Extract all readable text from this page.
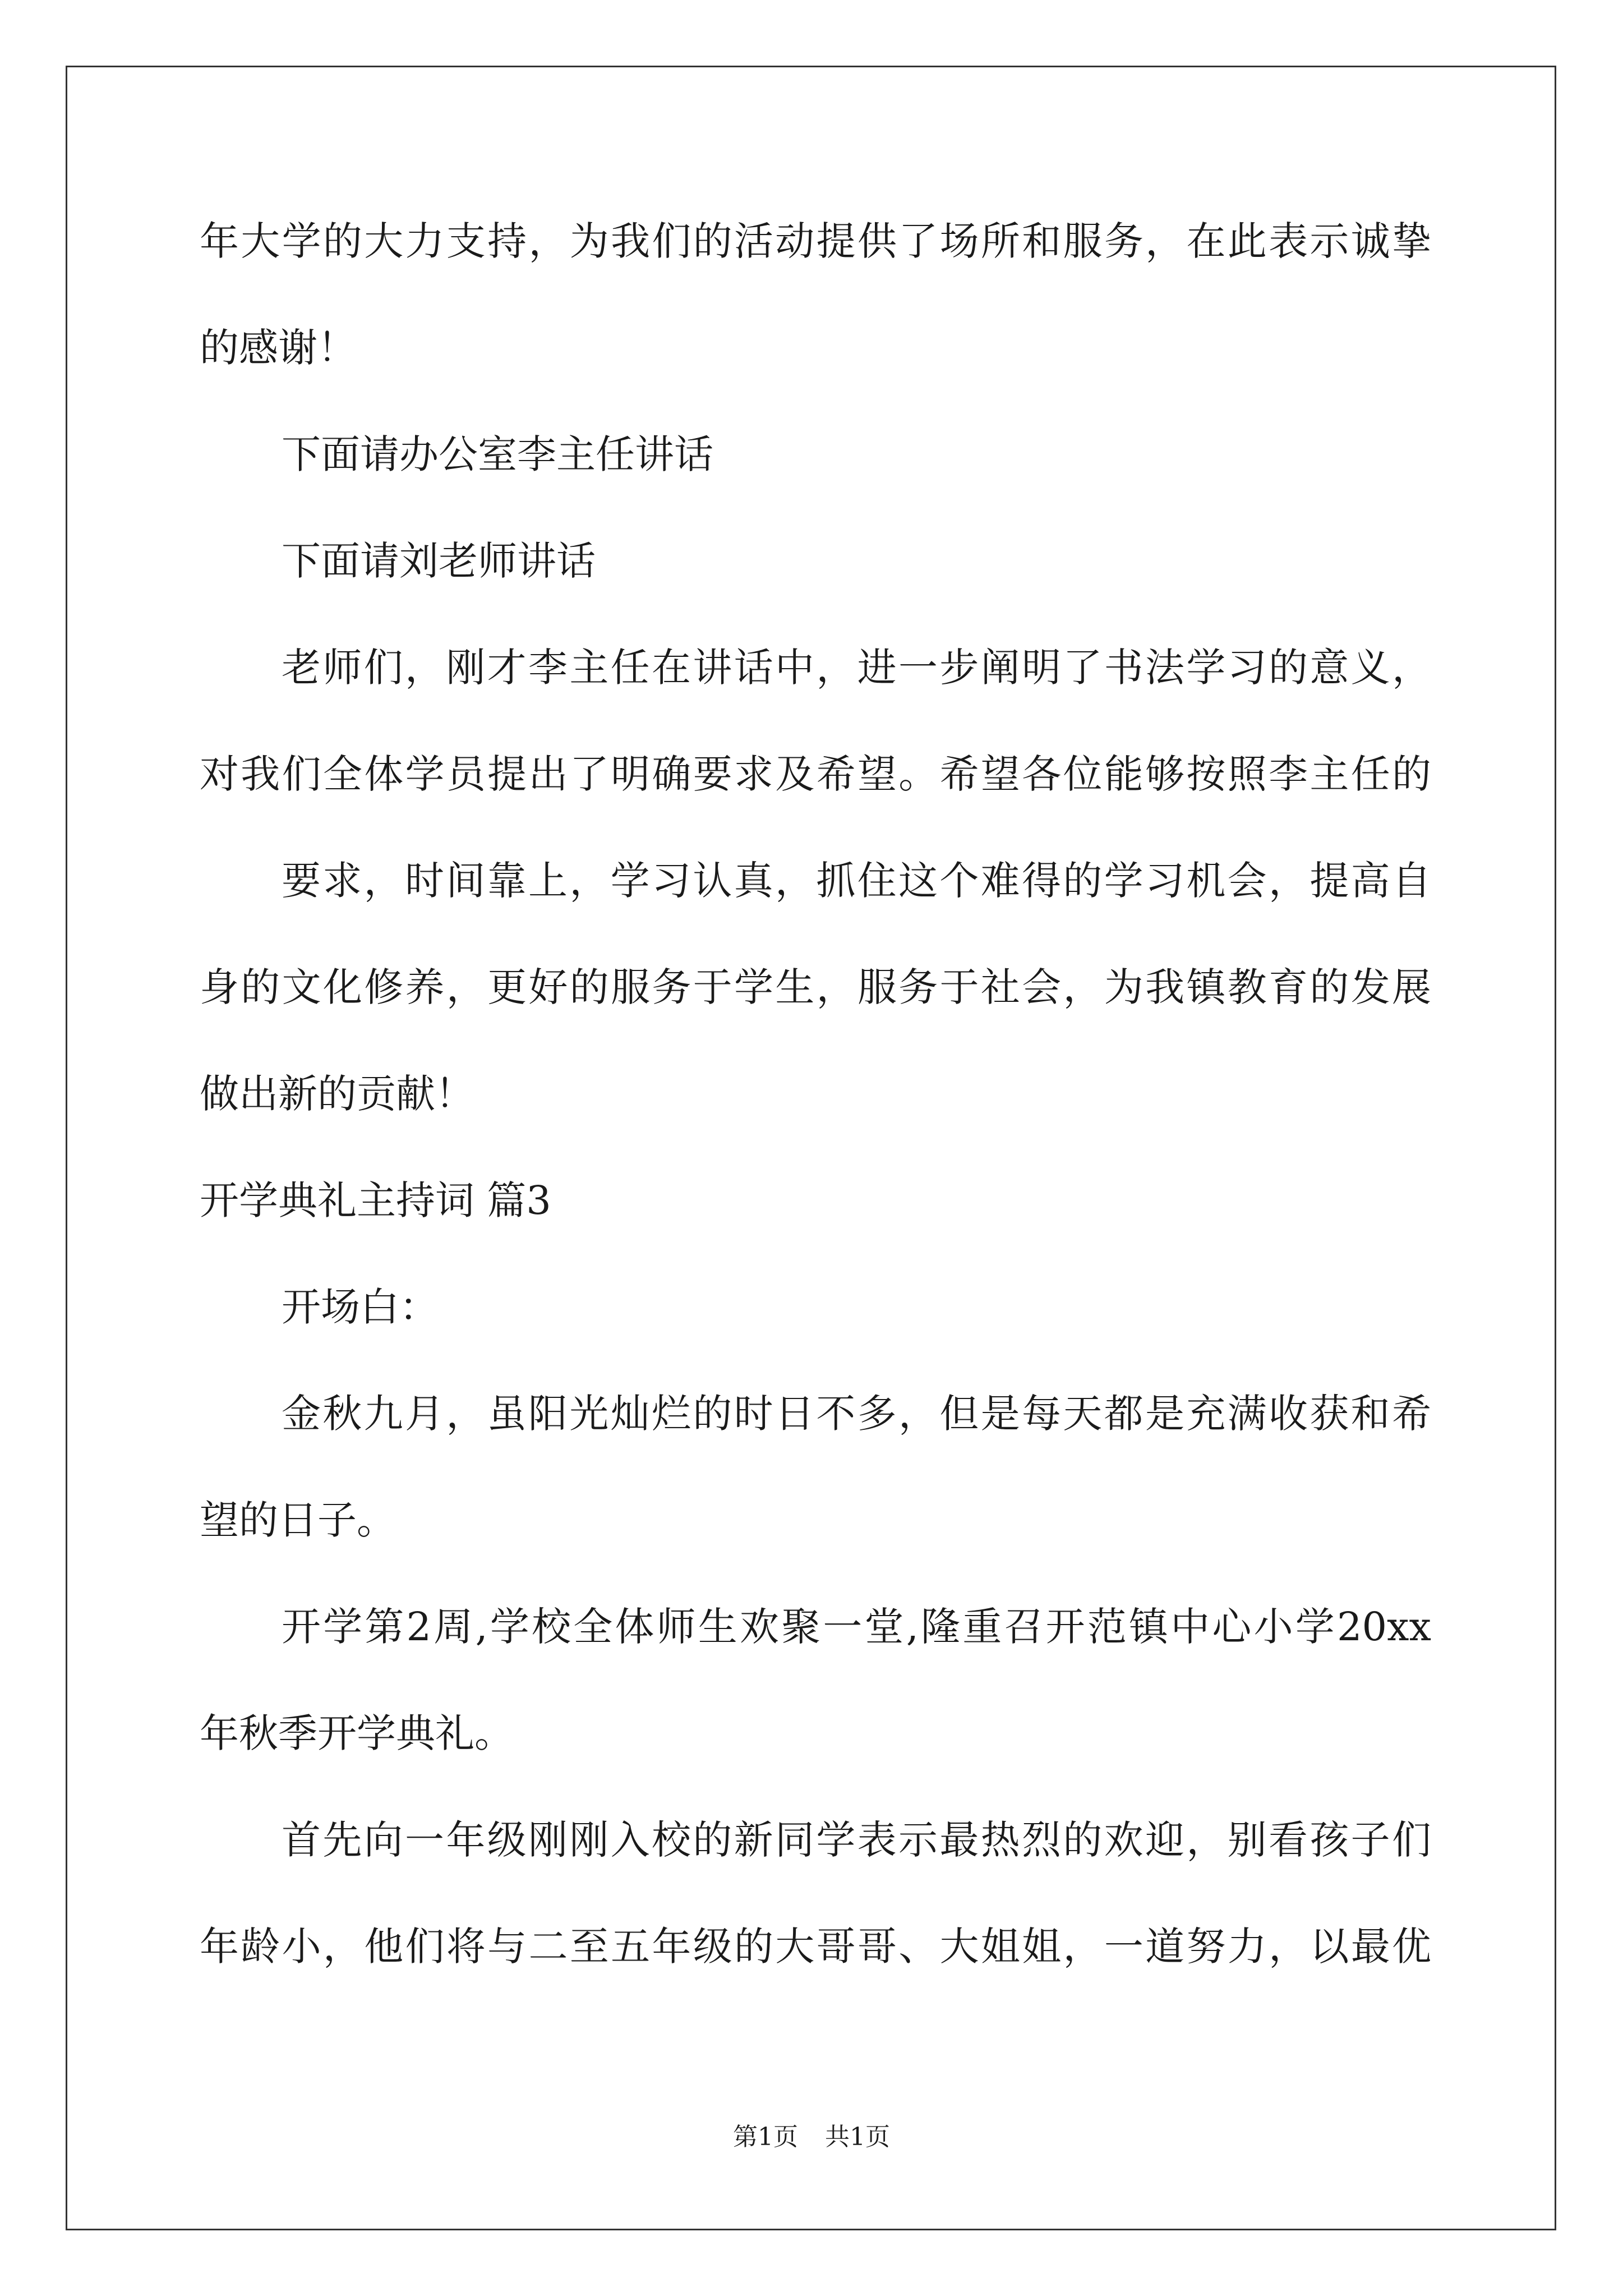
年大学的大力支持，为我们的活动提供了场所和服务，在此表示诚挚
的感谢！
下面请办公室李主任讲话
下面请刘老师讲话
老师们，刚才李主任在讲话中，进一步阐明了书法学习的意义，
对我们全体学员提出了明确要求及希望。希望各位能够按照李主任的
要求，时间靠上，学习认真，抓住这个难得的学习机会，提高自
身的文化修养，更好的服务于学生，服务于社会，为我镇教育的发展
做出新的贡献！
开学典礼主持词 篇3
开场白：
金秋九月，虽阳光灿烂的时日不多，但是每天都是充满收获和希
望的日子。
开学第2周,学校全体师生欢聚一堂,隆重召开范镇中心小学20xx
年秋季开学典礼。
首先向一年级刚刚入校的新同学表示最热烈的欢迎，别看孩子们
年龄小，他们将与二至五年级的大哥哥、大姐姐，一道努力，以最优
第1页 共1页
